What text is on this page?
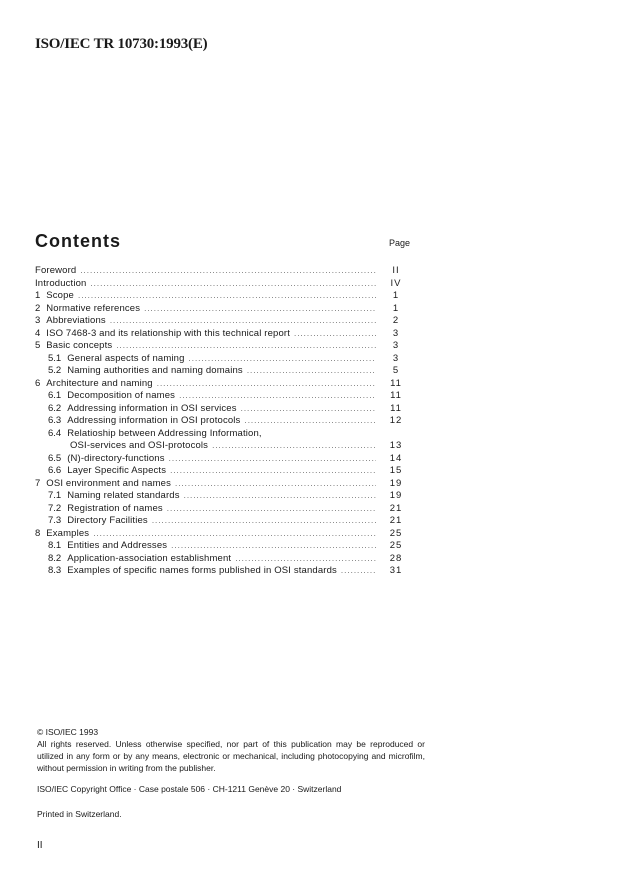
ISO/IEC TR 10730:1993(E)
Contents	Page
Foreword .....	II
Introduction .....	IV
1 Scope .....	1
2 Normative references .....	1
3 Abbreviations .....	2
4 ISO 7468-3 and its relationship with this technical report .....	3
5 Basic concepts .....	3
5.1 General aspects of naming .....	3
5.2 Naming authorities and naming domains .....	5
6 Architecture and naming .....	11
6.1 Decomposition of names .....	11
6.2 Addressing information in OSI services .....	11
6.3 Addressing information in OSI protocols .....	12
6.4 Relatioship between Addressing Information,
OSI-services and OSI-protocols .....	13
6.5 (N)-directory-functions .....	14
6.6 Layer Specific Aspects .....	15
7 OSI environment and names .....	19
7.1 Naming related standards .....	19
7.2 Registration of names .....	21
7.3 Directory Facilities .....	21
8 Examples .....	25
8.1 Entities and Addresses .....	25
8.2 Application-association establishment .....	28
8.3 Examples of specific names forms published in OSI standards .....	31

© ISO/IEC 1993

All rights reserved. Unless otherwise specified, nor part of this publication may be reproduced or utilized in any form or by any means, electronic or mechanical, including photocopying and microfilm, without permission in writing from the publisher.

ISO/IEC Copyright Office · Case postale 506 · CH-1211 Genève 20 · Switzerland
Printed in Switzerland.
II
